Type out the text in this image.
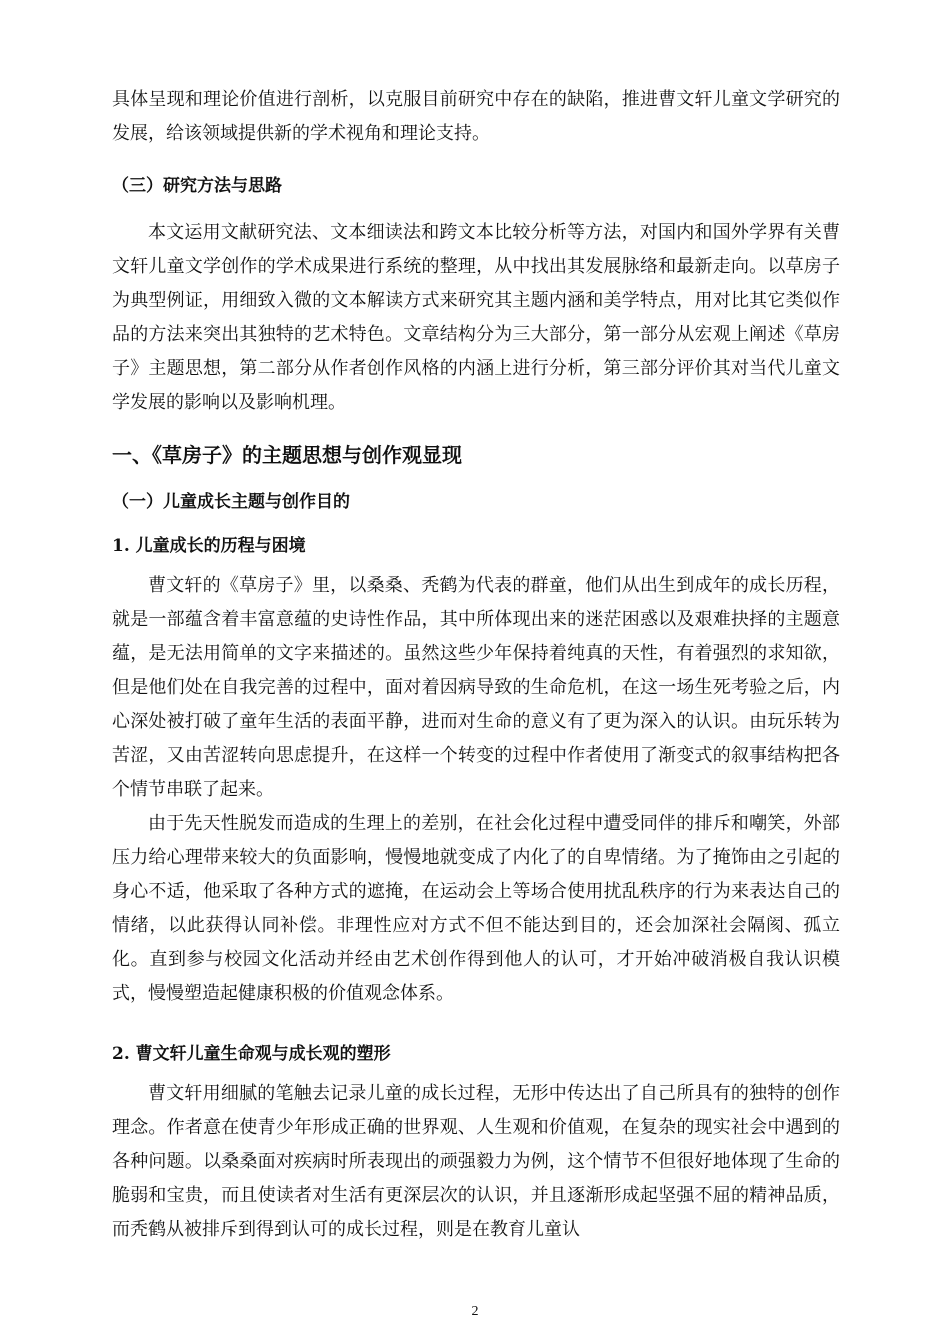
具体呈现和理论价值进行剖析，以克服目前研究中存在的缺陷，推进曹文轩儿童文学研究的发展，给该领域提供新的学术视角和理论支持。

（三）研究方法与思路

本文运用文献研究法、文本细读法和跨文本比较分析等方法，对国内和国外学界有关曹文轩儿童文学创作的学术成果进行系统的整理，从中找出其发展脉络和最新走向。以草房子为典型例证，用细致入微的文本解读方式来研究其主题内涵和美学特点，用对比其它类似作品的方法来突出其独特的艺术特色。文章结构分为三大部分，第一部分从宏观上阐述《草房子》主题思想，第二部分从作者创作风格的内涵上进行分析，第三部分评价其对当代儿童文学发展的影响以及影响机理。

一、《草房子》的主题思想与创作观显现

（一）儿童成长主题与创作目的

1. 儿童成长的历程与困境

曹文轩的《草房子》里，以桑桑、秃鹤为代表的群童，他们从出生到成年的成长历程，就是一部蕴含着丰富意蕴的史诗性作品，其中所体现出来的迷茫困惑以及艰难抉择的主题意蕴，是无法用简单的文字来描述的。虽然这些少年保持着纯真的天性，有着强烈的求知欲，但是他们处在自我完善的过程中，面对着因病导致的生命危机，在这一场生死考验之后，内心深处被打破了童年生活的表面平静，进而对生命的意义有了更为深入的认识。由玩乐转为苦涩，又由苦涩转向思虑提升，在这样一个转变的过程中作者使用了渐变式的叙事结构把各个情节串联了起来。

由于先天性脱发而造成的生理上的差别，在社会化过程中遭受同伴的排斥和嘲笑，外部压力给心理带来较大的负面影响，慢慢地就变成了内化了的自卑情绪。为了掩饰由之引起的身心不适，他采取了各种方式的遮掩，在运动会上等场合使用扰乱秩序的行为来表达自己的情绪，以此获得认同补偿。非理性应对方式不但不能达到目的，还会加深社会隔阂、孤立化。直到参与校园文化活动并经由艺术创作得到他人的认可，才开始冲破消极自我认识模式，慢慢塑造起健康积极的价值观念体系。

2. 曹文轩儿童生命观与成长观的塑形

曹文轩用细腻的笔触去记录儿童的成长过程，无形中传达出了自己所具有的独特的创作理念。作者意在使青少年形成正确的世界观、人生观和价值观，在复杂的现实社会中遇到的各种问题。以桑桑面对疾病时所表现出的顽强毅力为例，这个情节不但很好地体现了生命的脆弱和宝贵，而且使读者对生活有更深层次的认识，并且逐渐形成起坚强不屈的精神品质，而秃鹤从被排斥到得到认可的成长过程，则是在教育儿童认

2
